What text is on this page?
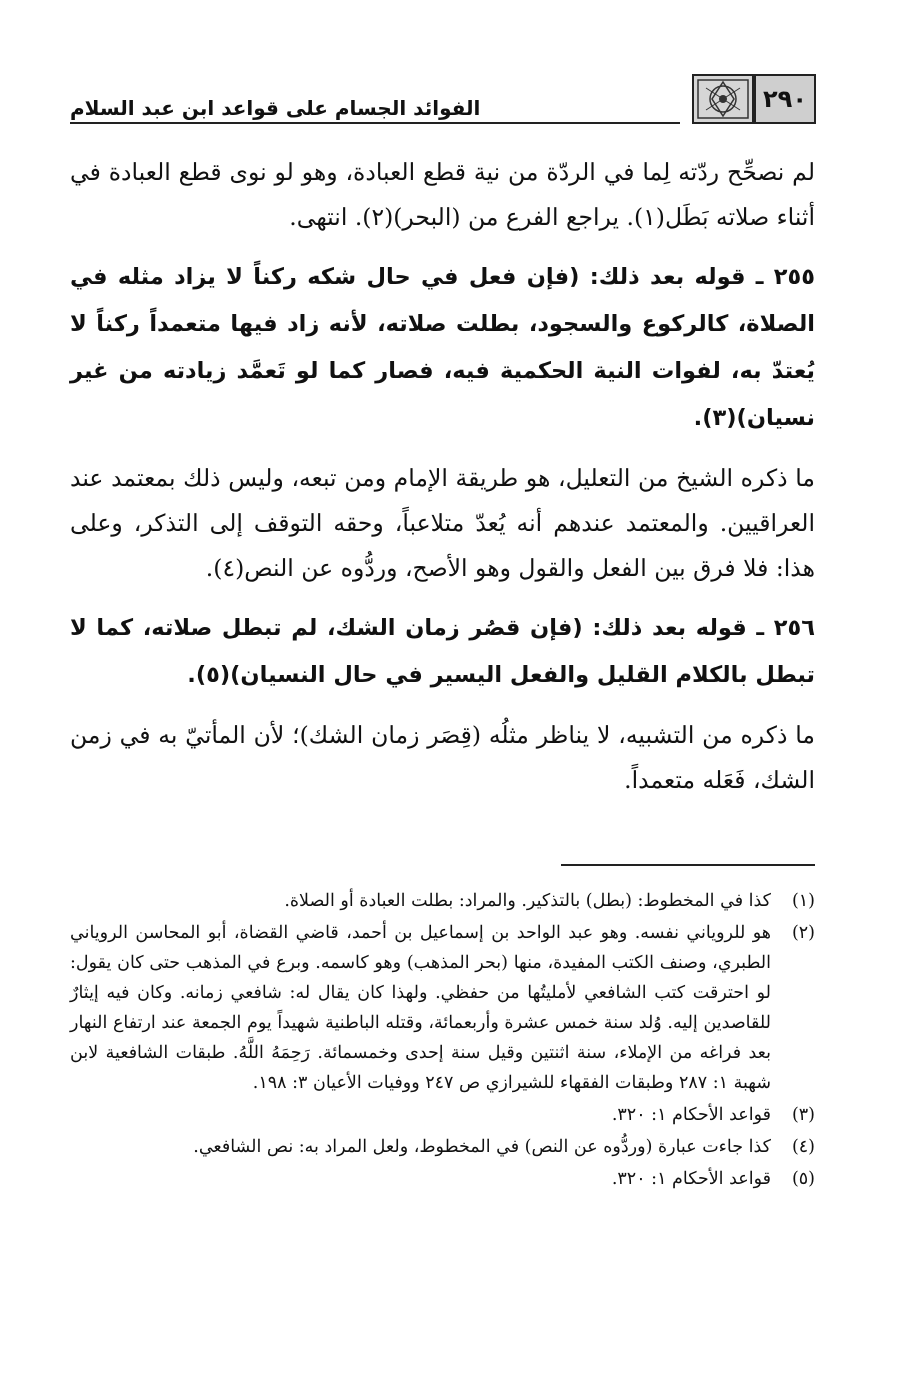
الفوائد الجسام على قواعد ابن عبد السلام	٢٩٠

لم نصحِّح ردّته لِما في الردّة من نية قطع العبادة، وهو لو نوى قطع العبادة في أثناء صلاته بَطَل(١). يراجع الفرع من (البحر)(٢). انتهى.

٢٥٥ ـ قوله بعد ذلك: (فإن فعل في حال شكه ركناً لا يزاد مثله في الصلاة، كالركوع والسجود، بطلت صلاته، لأنه زاد فيها متعمداً ركناً لا يُعتدّ به، لفوات النية الحكمية فيه، فصار كما لو تَعمَّد زيادته من غير نسيان)(٣).

ما ذكره الشيخ من التعليل، هو طريقة الإمام ومن تبعه، وليس ذلك بمعتمد عند العراقيين. والمعتمد عندهم أنه يُعدّ متلاعباً، وحقه التوقف إلى التذكر، وعلى هذا: فلا فرق بين الفعل والقول وهو الأصح، وردُّوه عن النص(٤).

٢٥٦ ـ قوله بعد ذلك: (فإن قصُر زمان الشك، لم تبطل صلاته، كما لا تبطل بالكلام القليل والفعل اليسير في حال النسيان)(٥).

ما ذكره من التشبيه، لا يناظر مثلُه (قِصَر زمان الشك)؛ لأن المأتيّ به في زمن الشك، فَعَله متعمداً.

(١)
كذا في المخطوط: (بطل) بالتذكير. والمراد: بطلت العبادة أو الصلاة.
(٢)
هو للروياني نفسه. وهو عبد الواحد بن إسماعيل بن أحمد، قاضي القضاة، أبو المحاسن الروياني الطبري، وصنف الكتب المفيدة، منها (بحر المذهب) وهو كاسمه. وبرع في المذهب حتى كان يقول: لو احترقت كتب الشافعي لأمليتُها من حفظي. ولهذا كان يقال له: شافعي زمانه. وكان فيه إيثارٌ للقاصدين إليه. وُلد سنة خمس عشرة وأربعمائة، وقتله الباطنية شهيداً يوم الجمعة عند ارتفاع النهار بعد فراغه من الإملاء، سنة اثنتين وقيل سنة إحدى وخمسمائة. رَحِمَهُ اللَّهُ. طبقات الشافعية لابن شهبة ١: ٢٨٧ وطبقات الفقهاء للشيرازي ص ٢٤٧ ووفيات الأعيان ٣: ١٩٨.
(٣)
قواعد الأحكام ١: ٣٢٠.
(٤)
كذا جاءت عبارة (وردُّوه عن النص) في المخطوط، ولعل المراد به: نص الشافعي.
(٥)
قواعد الأحكام ١: ٣٢٠.
